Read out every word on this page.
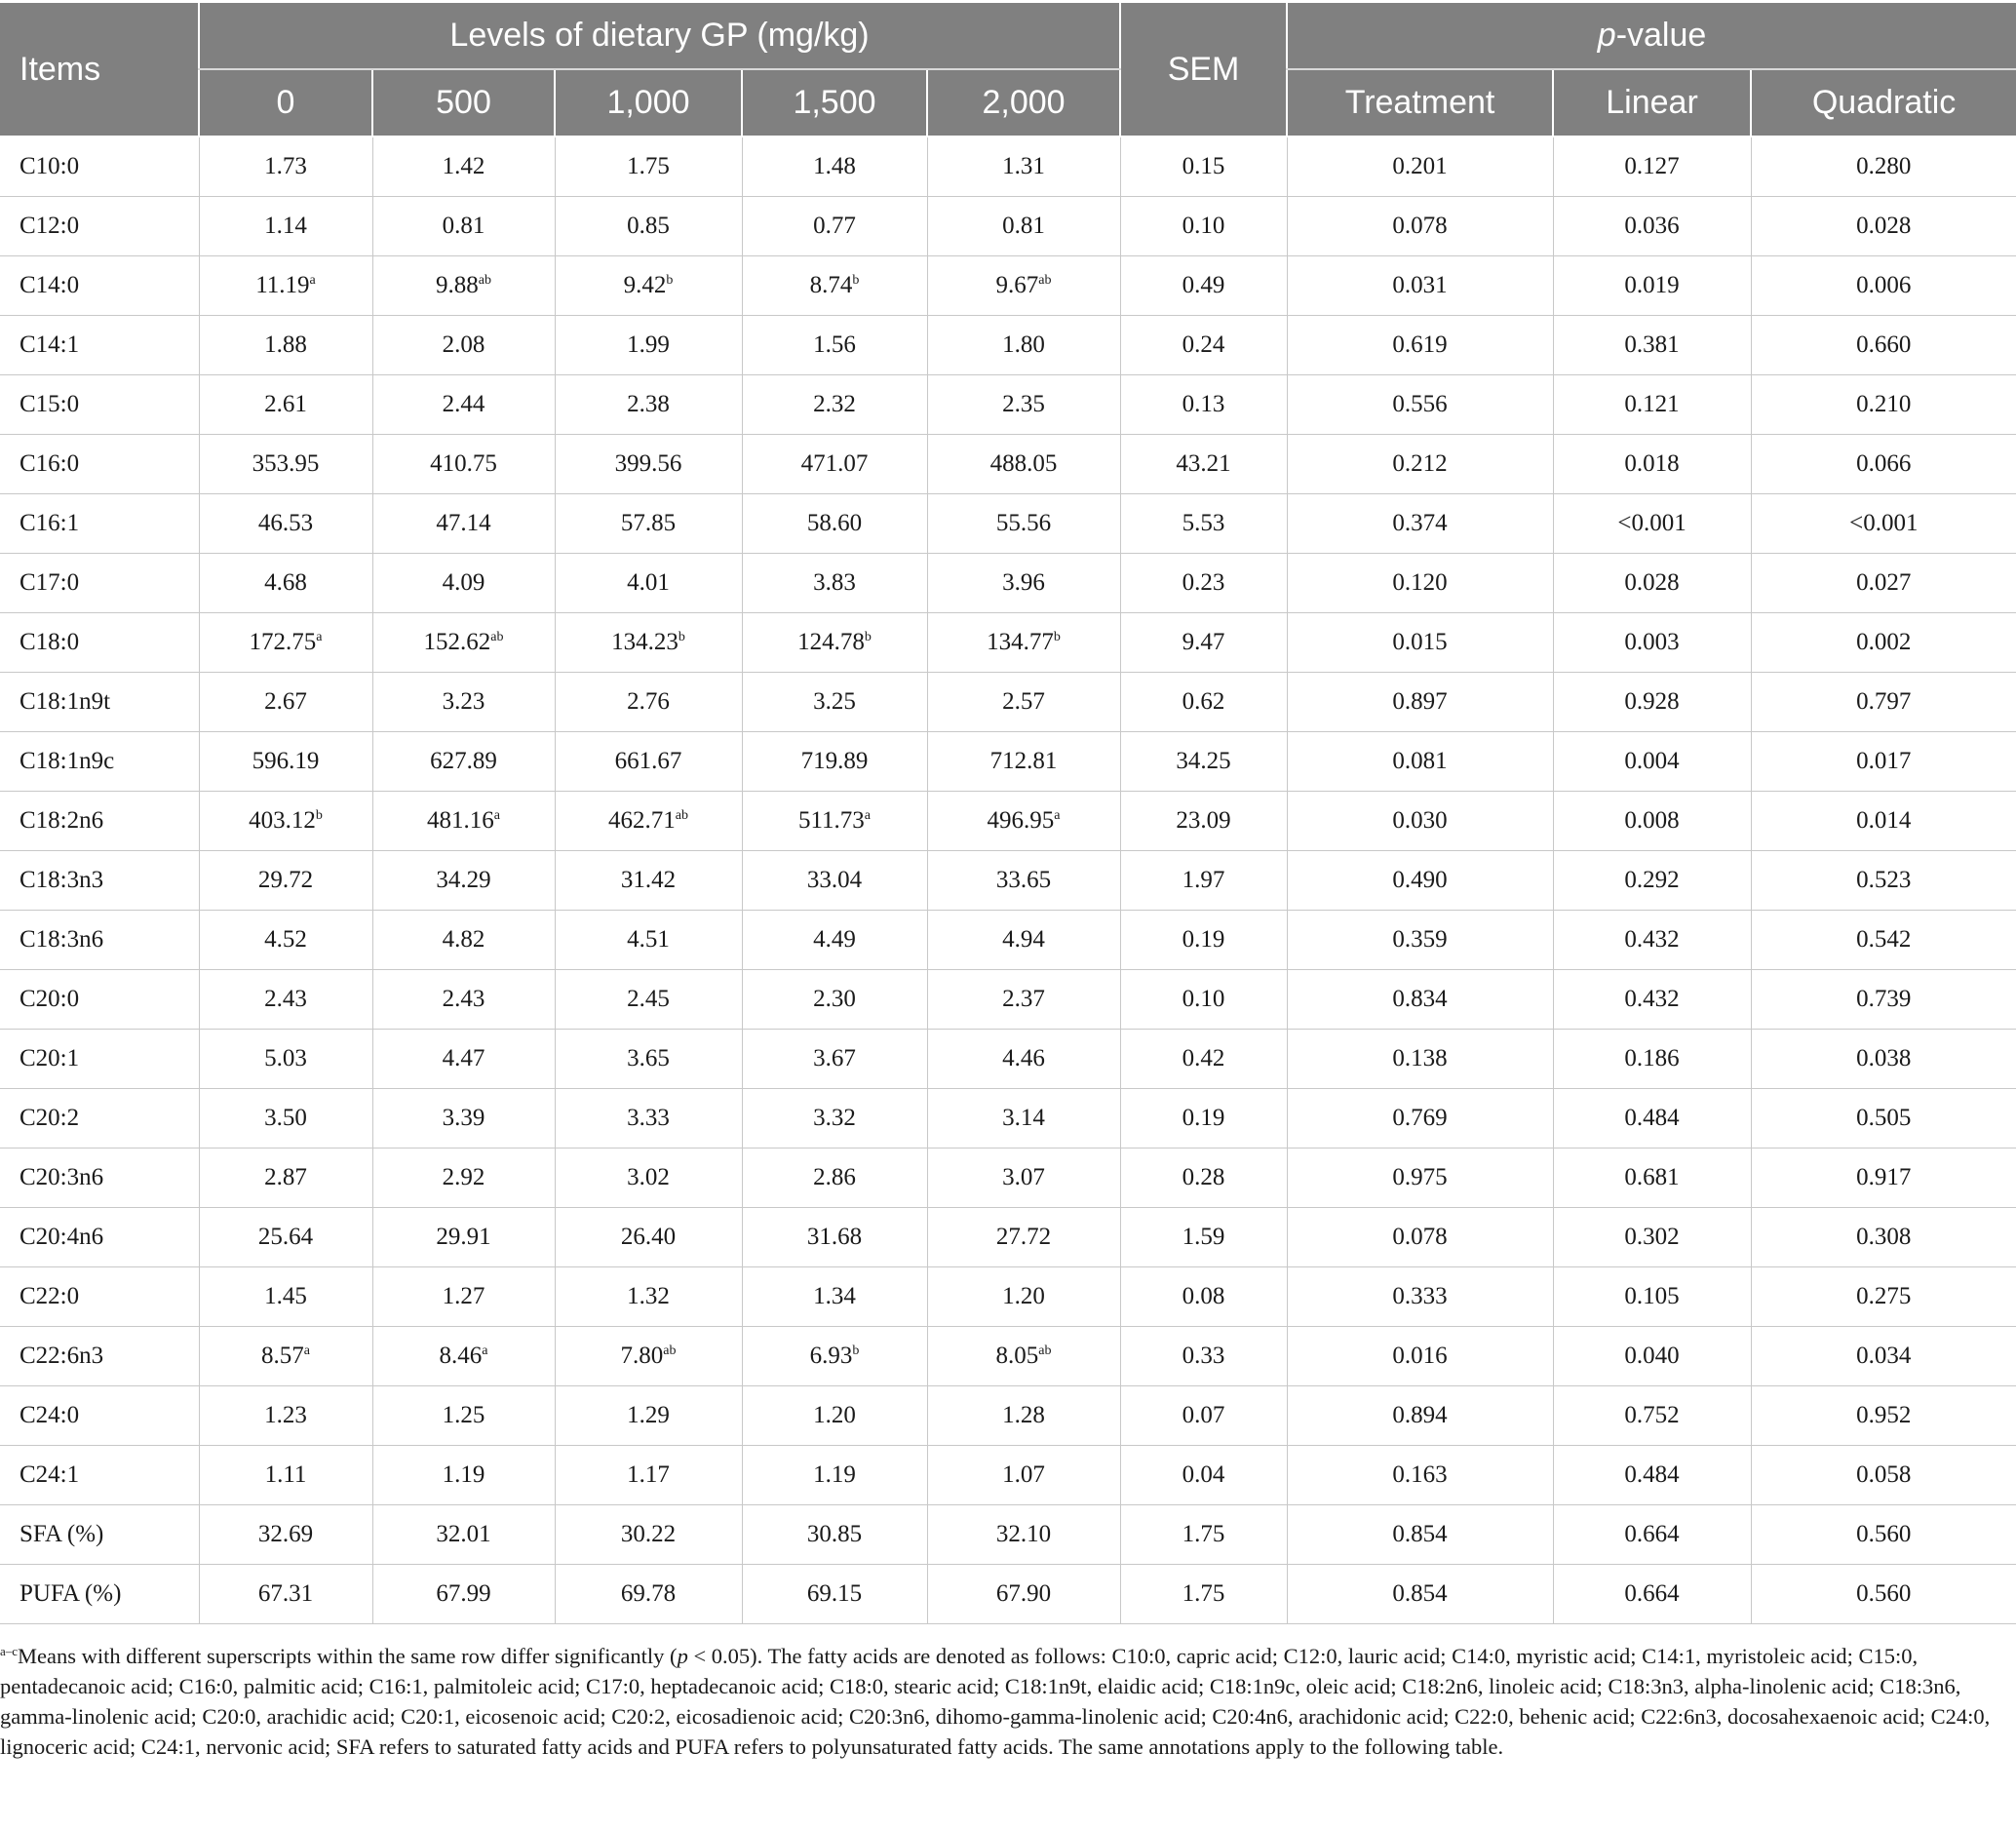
Items	Levels of dietary GP (mg/kg)					SEM	p-value		
	0	500	1,000	1,500	2,000		Treatment	Linear	Quadratic
C10:0	1.73	1.42	1.75	1.48	1.31	0.15	0.201	0.127	0.280
C12:0	1.14	0.81	0.85	0.77	0.81	0.10	0.078	0.036	0.028
C14:0	11.19$^a$	9.88$^{ab}$	9.42$^b$	8.74$^b$	9.67$^{ab}$	0.49	0.031	0.019	0.006
C14:1	1.88	2.08	1.99	1.56	1.80	0.24	0.619	0.381	0.660
C15:0	2.61	2.44	2.38	2.32	2.35	0.13	0.556	0.121	0.210
C16:0	353.95	410.75	399.56	471.07	488.05	43.21	0.212	0.018	0.066
C16:1	46.53	47.14	57.85	58.60	55.56	5.53	0.374	<0.001	<0.001
C17:0	4.68	4.09	4.01	3.83	3.96	0.23	0.120	0.028	0.027
C18:0	172.75$^a$	152.62$^{ab}$	134.23$^b$	124.78$^b$	134.77$^b$	9.47	0.015	0.003	0.002
C18:1n9t	2.67	3.23	2.76	3.25	2.57	0.62	0.897	0.928	0.797
C18:1n9c	596.19	627.89	661.67	719.89	712.81	34.25	0.081	0.004	0.017
C18:2n6	403.12$^b$	481.16$^a$	462.71$^{ab}$	511.73$^a$	496.95$^a$	23.09	0.030	0.008	0.014
C18:3n3	29.72	34.29	31.42	33.04	33.65	1.97	0.490	0.292	0.523
C18:3n6	4.52	4.82	4.51	4.49	4.94	0.19	0.359	0.432	0.542
C20:0	2.43	2.43	2.45	2.30	2.37	0.10	0.834	0.432	0.739
C20:1	5.03	4.47	3.65	3.67	4.46	0.42	0.138	0.186	0.038
C20:2	3.50	3.39	3.33	3.32	3.14	0.19	0.769	0.484	0.505
C20:3n6	2.87	2.92	3.02	2.86	3.07	0.28	0.975	0.681	0.917
C20:4n6	25.64	29.91	26.40	31.68	27.72	1.59	0.078	0.302	0.308
C22:0	1.45	1.27	1.32	1.34	1.20	0.08	0.333	0.105	0.275
C22:6n3	8.57$^a$	8.46$^a$	7.80$^{ab}$	6.93$^b$	8.05$^{ab}$	0.33	0.016	0.040	0.034
C24:0	1.23	1.25	1.29	1.20	1.28	0.07	0.894	0.752	0.952
C24:1	1.11	1.19	1.17	1.19	1.07	0.04	0.163	0.484	0.058
SFA (%)	32.69	32.01	30.22	30.85	32.10	1.75	0.854	0.664	0.560
PUFA (%)	67.31	67.99	69.78	69.15	67.90	1.75	0.854	0.664	0.560
$^{a-c}$Means with different superscripts within the same row differ significantly (p < 0.05). The fatty acids are denoted as follows: C10:0, capric acid; C12:0, lauric acid; C14:0, myristic acid; C14:1, myristoleic acid; C15:0, pentadecanoic acid; C16:0, palmitic acid; C16:1, palmitoleic acid; C17:0, heptadecanoic acid; C18:0, stearic acid; C18:1n9t, elaidic acid; C18:1n9c, oleic acid; C18:2n6, linoleic acid; C18:3n3, alpha-linolenic acid; C18:3n6, gamma-linolenic acid; C20:0, arachidic acid; C20:1, eicosenoic acid; C20:2, eicosadienoic acid; C20:3n6, dihomo-gamma-linolenic acid; C20:4n6, arachidonic acid; C22:0, behenic acid; C22:6n3, docosahexaenoic acid; C24:0, lignoceric acid; C24:1, nervonic acid; SFA refers to saturated fatty acids and PUFA refers to polyunsaturated fatty acids. The same annotations apply to the following table.
